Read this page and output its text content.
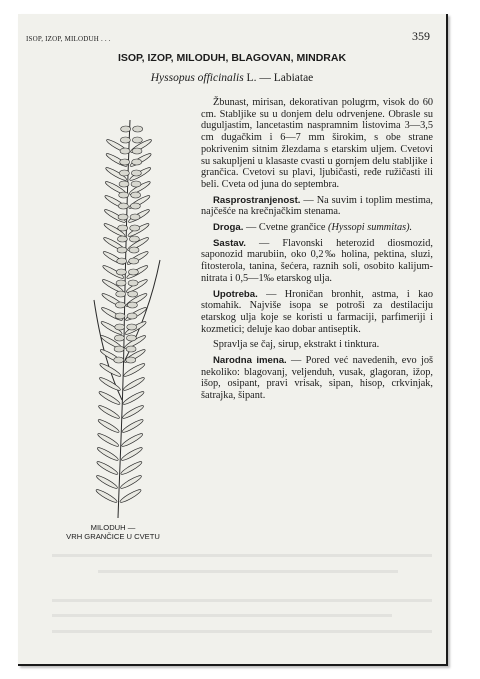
ISOP, IZOP, MILODUH . . .	359
ISOP, IZOP, MILODUH, BLAGOVAN, MINDRAK
Hyssopus officinalis L. — Labiatae
MILODUH —
VRH GRANČICE U CVETU

Žbunast, mirisan, dekorativan polugrm, visok do 60 cm. Stabljike su u donjem delu odrvenjene. Obrasle su duguljastim, lancetastim naspramnim listovima 3—3,5 cm dugačkim i 6—7 mm širokim, s obe strane pokrivenim sitnim žlezdama s etarskim uljem. Cvetovi su sakupljeni u klasaste cvasti u gornjem delu stabljike i grančica. Cvetovi su plavi, ljubičasti, ređe ružičasti ili beli. Cveta od juna do septembra.

Rasprostranjenost. — Na suvim i toplim mestima, najčešće na krečnjačkim stenama.

Droga. — Cvetne grančice (Hyssopi summitas).

Sastav. — Flavonski heterozid diosmozid, saponozid marubiin, oko 0,2‰ holina, pektina, sluzi, fitosterola, tanina, šećera, raznih soli, osobito kalijum-nitrata i 0,5—1‰ etarskog ulja.

Upotreba. — Hroničan bronhit, astma, i kao stomahik. Najviše isopa se potroši za destilaciju etarskog ulja koje se koristi u farmaciji, parfimeriji i kozmetici; deluje kao dobar antiseptik.

Spravlja se čaj, sirup, ekstrakt i tinktura.

Narodna imena. — Pored već navedenih, evo još nekoliko: blagovanj, veljenduh, vusak, glagoran, ižop, išop, osipant, pravi vrisak, sipan, hisop, crkvinjak, šatrajka, šipant.
